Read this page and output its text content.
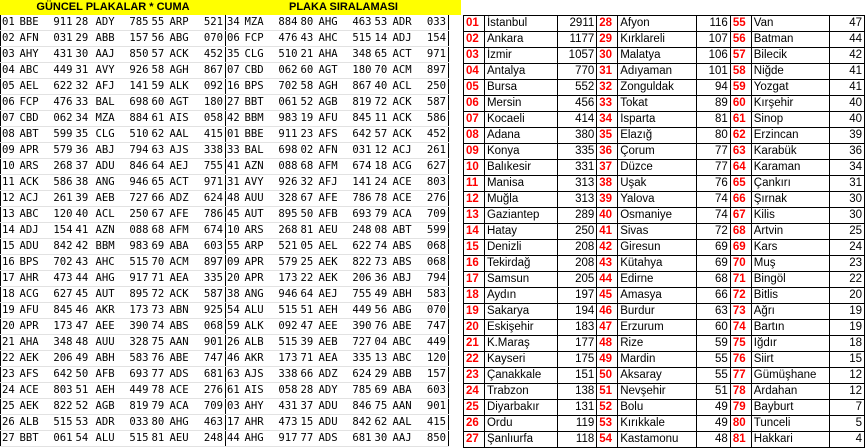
GÜNCEL PLAKALAR * CUMA	PLAKA SIRALAMASI
01	BBE	911	28	ADY	785	55	ARP	521	34	MZA	884	80	AHG	463	53	ADR	033
02	AFN	031	29	ABB	157	56	ABG	070	06	FCP	476	43	AHC	515	14	ADJ	154
03	AHY	431	30	AAJ	850	57	ACK	452	35	CLG	510	21	AHA	348	65	ACT	971
04	ABC	449	31	AVY	926	58	AGH	867	07	CBD	062	60	AGT	180	70	ACM	897
05	AEL	622	32	AFJ	141	59	ALK	092	16	BPS	702	58	AGH	867	40	ACL	250
06	FCP	476	33	BAL	698	60	AGT	180	27	BBT	061	52	AGB	819	72	ACK	587
07	CBD	062	34	MZA	884	61	AIS	058	42	BBM	983	19	AFU	845	11	ACK	586
08	ABT	599	35	CLG	510	62	AAL	415	01	BBE	911	23	AFS	642	57	ACK	452
09	APR	579	36	ABJ	794	63	AJS	338	33	BAL	698	02	AFN	031	12	ACJ	261
10	ARS	268	37	ADU	846	64	AEJ	755	41	AZN	088	68	AFM	674	18	ACG	627
11	ACK	586	38	ANG	946	65	ACT	971	31	AVY	926	32	AFJ	141	24	ACE	803
12	ACJ	261	39	AEB	727	66	ADZ	624	48	AUU	328	67	AFE	786	78	ACE	276
13	ABC	120	40	ACL	250	67	AFE	786	45	AUT	895	50	AFB	693	79	ACA	709
14	ADJ	154	41	AZN	088	68	AFM	674	10	ARS	268	81	AEU	248	08	ABT	599
15	ADU	842	42	BBM	983	69	ABA	603	55	ARP	521	05	AEL	622	74	ABS	068
16	BPS	702	43	AHC	515	70	ACM	897	09	APR	579	25	AEK	822	73	ABS	068
17	AHR	473	44	AHG	917	71	AEA	335	20	APR	173	22	AEK	206	36	ABJ	794
18	ACG	627	45	AUT	895	72	ACK	587	38	ANG	946	64	AEJ	755	49	ABH	583
19	AFU	845	46	AKR	173	73	ABN	925	54	ALU	515	51	AEH	449	56	ABG	070
20	APR	173	47	AEE	390	74	ABS	068	59	ALK	092	47	AEE	390	76	ABE	747
21	AHA	348	48	AUU	328	75	AAN	901	26	ALB	515	39	AEB	727	04	ABC	449
22	AEK	206	49	ABH	583	76	ABE	747	46	AKR	173	71	AEA	335	13	ABC	120
23	AFS	642	50	AFB	693	77	ADS	681	63	AJS	338	66	ADZ	624	29	ABB	157
24	ACE	803	51	AEH	449	78	ACE	276	61	AIS	058	28	ADY	785	69	ABA	603
25	AEK	822	52	AGB	819	79	ACA	709	03	AHY	431	37	ADU	846	75	AAN	901
26	ALB	515	53	ADR	033	80	AHG	463	17	AHR	473	15	ADU	842	62	AAL	415
27	BBT	061	54	ALU	515	81	AEU	248	44	AHG	917	77	ADS	681	30	AAJ	850
01	İstanbul	2911	28	Afyon	116	55	Van	47
02	Ankara	1177	29	Kırklareli	107	56	Batman	44
03	İzmir	1057	30	Malatya	106	57	Bilecik	42
04	Antalya	770	31	Adıyaman	101	58	Niğde	41
05	Bursa	552	32	Zonguldak	94	59	Yozgat	41
06	Mersin	456	33	Tokat	89	60	Kırşehir	40
07	Kocaeli	414	34	Isparta	81	61	Sinop	40
08	Adana	380	35	Elazığ	80	62	Erzincan	39
09	Konya	335	36	Çorum	77	63	Karabük	36
10	Balıkesir	331	37	Düzce	77	64	Karaman	34
11	Manisa	313	38	Uşak	76	65	Çankırı	31
12	Muğla	313	39	Yalova	74	66	Şırnak	30
13	Gaziantep	289	40	Osmaniye	74	67	Kilis	30
14	Hatay	250	41	Sivas	72	68	Artvin	25
15	Denizli	208	42	Giresun	69	69	Kars	24
16	Tekirdağ	208	43	Kütahya	69	70	Muş	23
17	Samsun	205	44	Edirne	68	71	Bingöl	22
18	Aydın	197	45	Amasya	66	72	Bitlis	20
19	Sakarya	194	46	Burdur	63	73	Ağrı	19
20	Eskişehir	183	47	Erzurum	60	74	Bartın	19
21	K.Maraş	177	48	Rize	59	75	Iğdır	18
22	Kayseri	175	49	Mardin	55	76	Siirt	15
23	Çanakkale	151	50	Aksaray	55	77	Gümüşhane	12
24	Trabzon	138	51	Nevşehir	51	78	Ardahan	12
25	Diyarbakır	131	52	Bolu	49	79	Bayburt	7
26	Ordu	119	53	Kırıkkale	49	80	Tunceli	5
27	Şanlıurfa	118	54	Kastamonu	48	81	Hakkari	4
